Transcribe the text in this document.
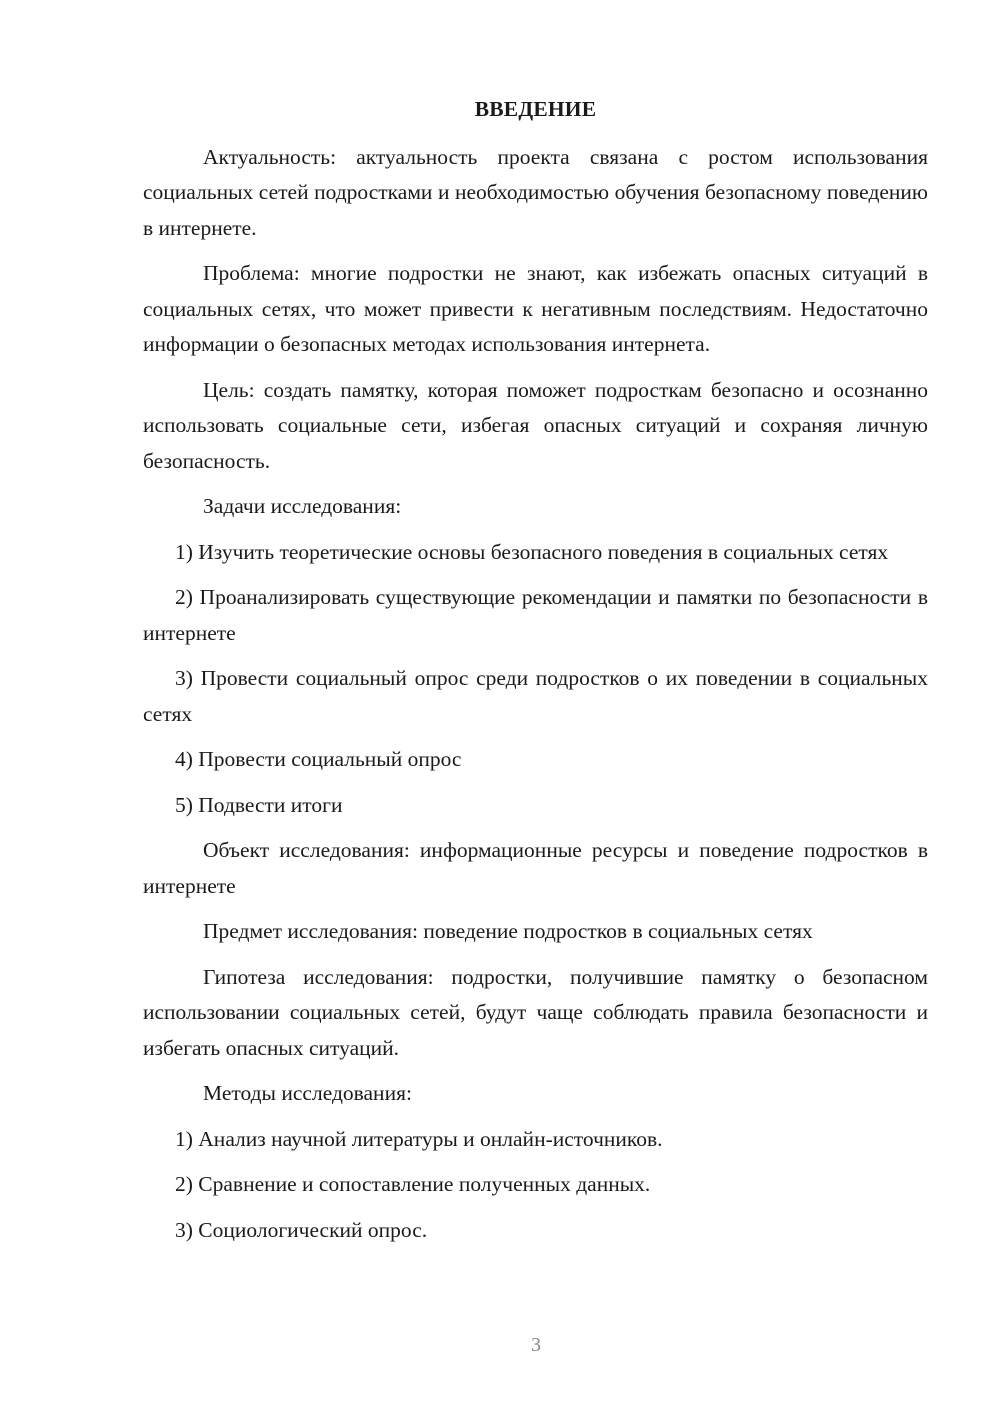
ВВЕДЕНИЕ
Актуальность: актуальность проекта связана с ростом использования социальных сетей подростками и необходимостью обучения безопасному поведению в интернете.
Проблема: многие подростки не знают, как избежать опасных ситуаций в социальных сетях, что может привести к негативным последствиям. Недостаточно информации о безопасных методах использования интернета.
Цель: создать памятку, которая поможет подросткам безопасно и осознанно использовать социальные сети, избегая опасных ситуаций и сохраняя личную безопасность.
Задачи исследования:
1) Изучить теоретические основы безопасного поведения в социальных сетях
2) Проанализировать существующие рекомендации и памятки по безопасности в интернете
3) Провести социальный опрос среди подростков о их поведении в социальных сетях
4) Провести социальный опрос
5) Подвести итоги
Объект исследования: информационные ресурсы и поведение подростков в интернете
Предмет исследования: поведение подростков в социальных сетях
Гипотеза исследования: подростки, получившие памятку о безопасном использовании социальных сетей, будут чаще соблюдать правила безопасности и избегать опасных ситуаций.
Методы исследования:
1) Анализ научной литературы и онлайн-источников.
2) Сравнение и сопоставление полученных данных.
3) Социологический опрос.
3
